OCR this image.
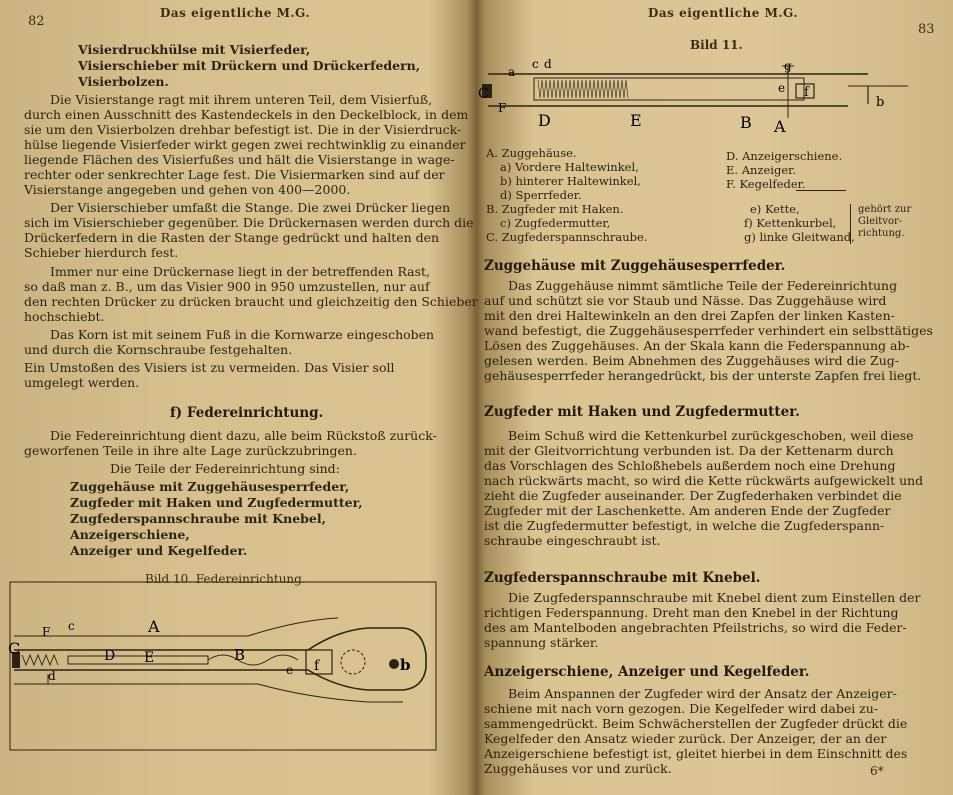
82
Das eigentliche M.G.
Visierdruckhülse mit Visierfeder,
Visierschieber mit Drückern und Drückerfedern,
Visierbolzen.
Die Visierstange ragt mit ihrem unteren Teil, dem Visierfuß,
durch einen Ausschnitt des Kastendeckels in den Deckelblock, in dem
sie um den Visierbolzen drehbar befestigt ist. Die in der Visierdruck-
hülse liegende Visierfeder wirkt gegen zwei rechtwinklig zu einander
liegende Flächen des Visierfußes und hält die Visierstange in wage-
rechter oder senkrechter Lage fest. Die Visiermarken sind auf der
Visierstange angegeben und gehen von 400—2000.
Der Visierschieber umfaßt die Stange. Die zwei Drücker liegen
sich im Visierschieber gegenüber. Die Drückernasen werden durch die
Drückerfedern in die Rasten der Stange gedrückt und halten den
Schieber hierdurch fest.
Immer nur eine Drückernase liegt in der betreffenden Rast,
so daß man z. B., um das Visier 900 in 950 umzustellen, nur auf
den rechten Drücker zu drücken braucht und gleichzeitig den Schieber
hochschiebt.
Das Korn ist mit seinem Fuß in die Kornwarze eingeschoben
und durch die Kornschraube festgehalten.
Ein Umstoßen des Visiers ist zu vermeiden. Das Visier soll
umgelegt werden.
f) Federeinrichtung.
Die Federeinrichtung dient dazu, alle beim Rückstoß zurück-
geworfenen Teile in ihre alte Lage zurückzubringen.
Die Teile der Federeinrichtung sind:
Zuggehäuse mit Zuggehäusesperrfeder,
Zugfeder mit Haken und Zugfedermutter,
Zugfederspannschraube mit Knebel,
Anzeigerschiene,
Anzeiger und Kegelfeder.
Bild 10. Federeinrichtung.
A
B
C	D E
F
b
c
d	e f
Das eigentliche M.G.
83
Bild 11.
C
D	E	B A
F
a
b
c d
e f
g
A. Zuggehäuse.
a) Vordere Haltewinkel,
b) hinterer Haltewinkel,
d) Sperrfeder.
B. Zugfeder mit Haken.
c) Zugfedermutter,
C. Zugfederspannschraube.
D. Anzeigerschiene.
E. Anzeiger.
F. Kegelfeder.
e) Kette,
f) Kettenkurbel,
g) linke Gleitwand,
gehört zur
Gleitvor-
richtung.
Zuggehäuse mit Zuggehäusesperrfeder.
Das Zuggehäuse nimmt sämtliche Teile der Federeinrichtung
auf und schützt sie vor Staub und Nässe. Das Zuggehäuse wird
mit den drei Haltewinkeln an den drei Zapfen der linken Kasten-
wand befestigt, die Zuggehäusesperrfeder verhindert ein selbsttätiges
Lösen des Zuggehäuses. An der Skala kann die Federspannung ab-
gelesen werden. Beim Abnehmen des Zuggehäuses wird die Zug-
gehäusesperrfeder herangedrückt, bis der unterste Zapfen frei liegt.
Zugfeder mit Haken und Zugfedermutter.
Beim Schuß wird die Kettenkurbel zurückgeschoben, weil diese
mit der Gleitvorrichtung verbunden ist. Da der Kettenarm durch
das Vorschlagen des Schloßhebels außerdem noch eine Drehung
nach rückwärts macht, so wird die Kette rückwärts aufgewickelt und
zieht die Zugfeder auseinander. Der Zugfederhaken verbindet die
Zugfeder mit der Laschenkette. Am anderen Ende der Zugfeder
ist die Zugfedermutter befestigt, in welche die Zugfederspann-
schraube eingeschraubt ist.
Zugfederspannschraube mit Knebel.
Die Zugfederspannschraube mit Knebel dient zum Einstellen der
richtigen Federspannung. Dreht man den Knebel in der Richtung
des am Mantelboden angebrachten Pfeilstrichs, so wird die Feder-
spannung stärker.
Anzeigerschiene, Anzeiger und Kegelfeder.
Beim Anspannen der Zugfeder wird der Ansatz der Anzeiger-
schiene mit nach vorn gezogen. Die Kegelfeder wird dabei zu-
sammengedrückt. Beim Schwächerstellen der Zugfeder drückt die
Kegelfeder den Ansatz wieder zurück. Der Anzeiger, der an der
Anzeigerschiene befestigt ist, gleitet hierbei in dem Einschnitt des
Zuggehäuses vor und zurück.	6*
